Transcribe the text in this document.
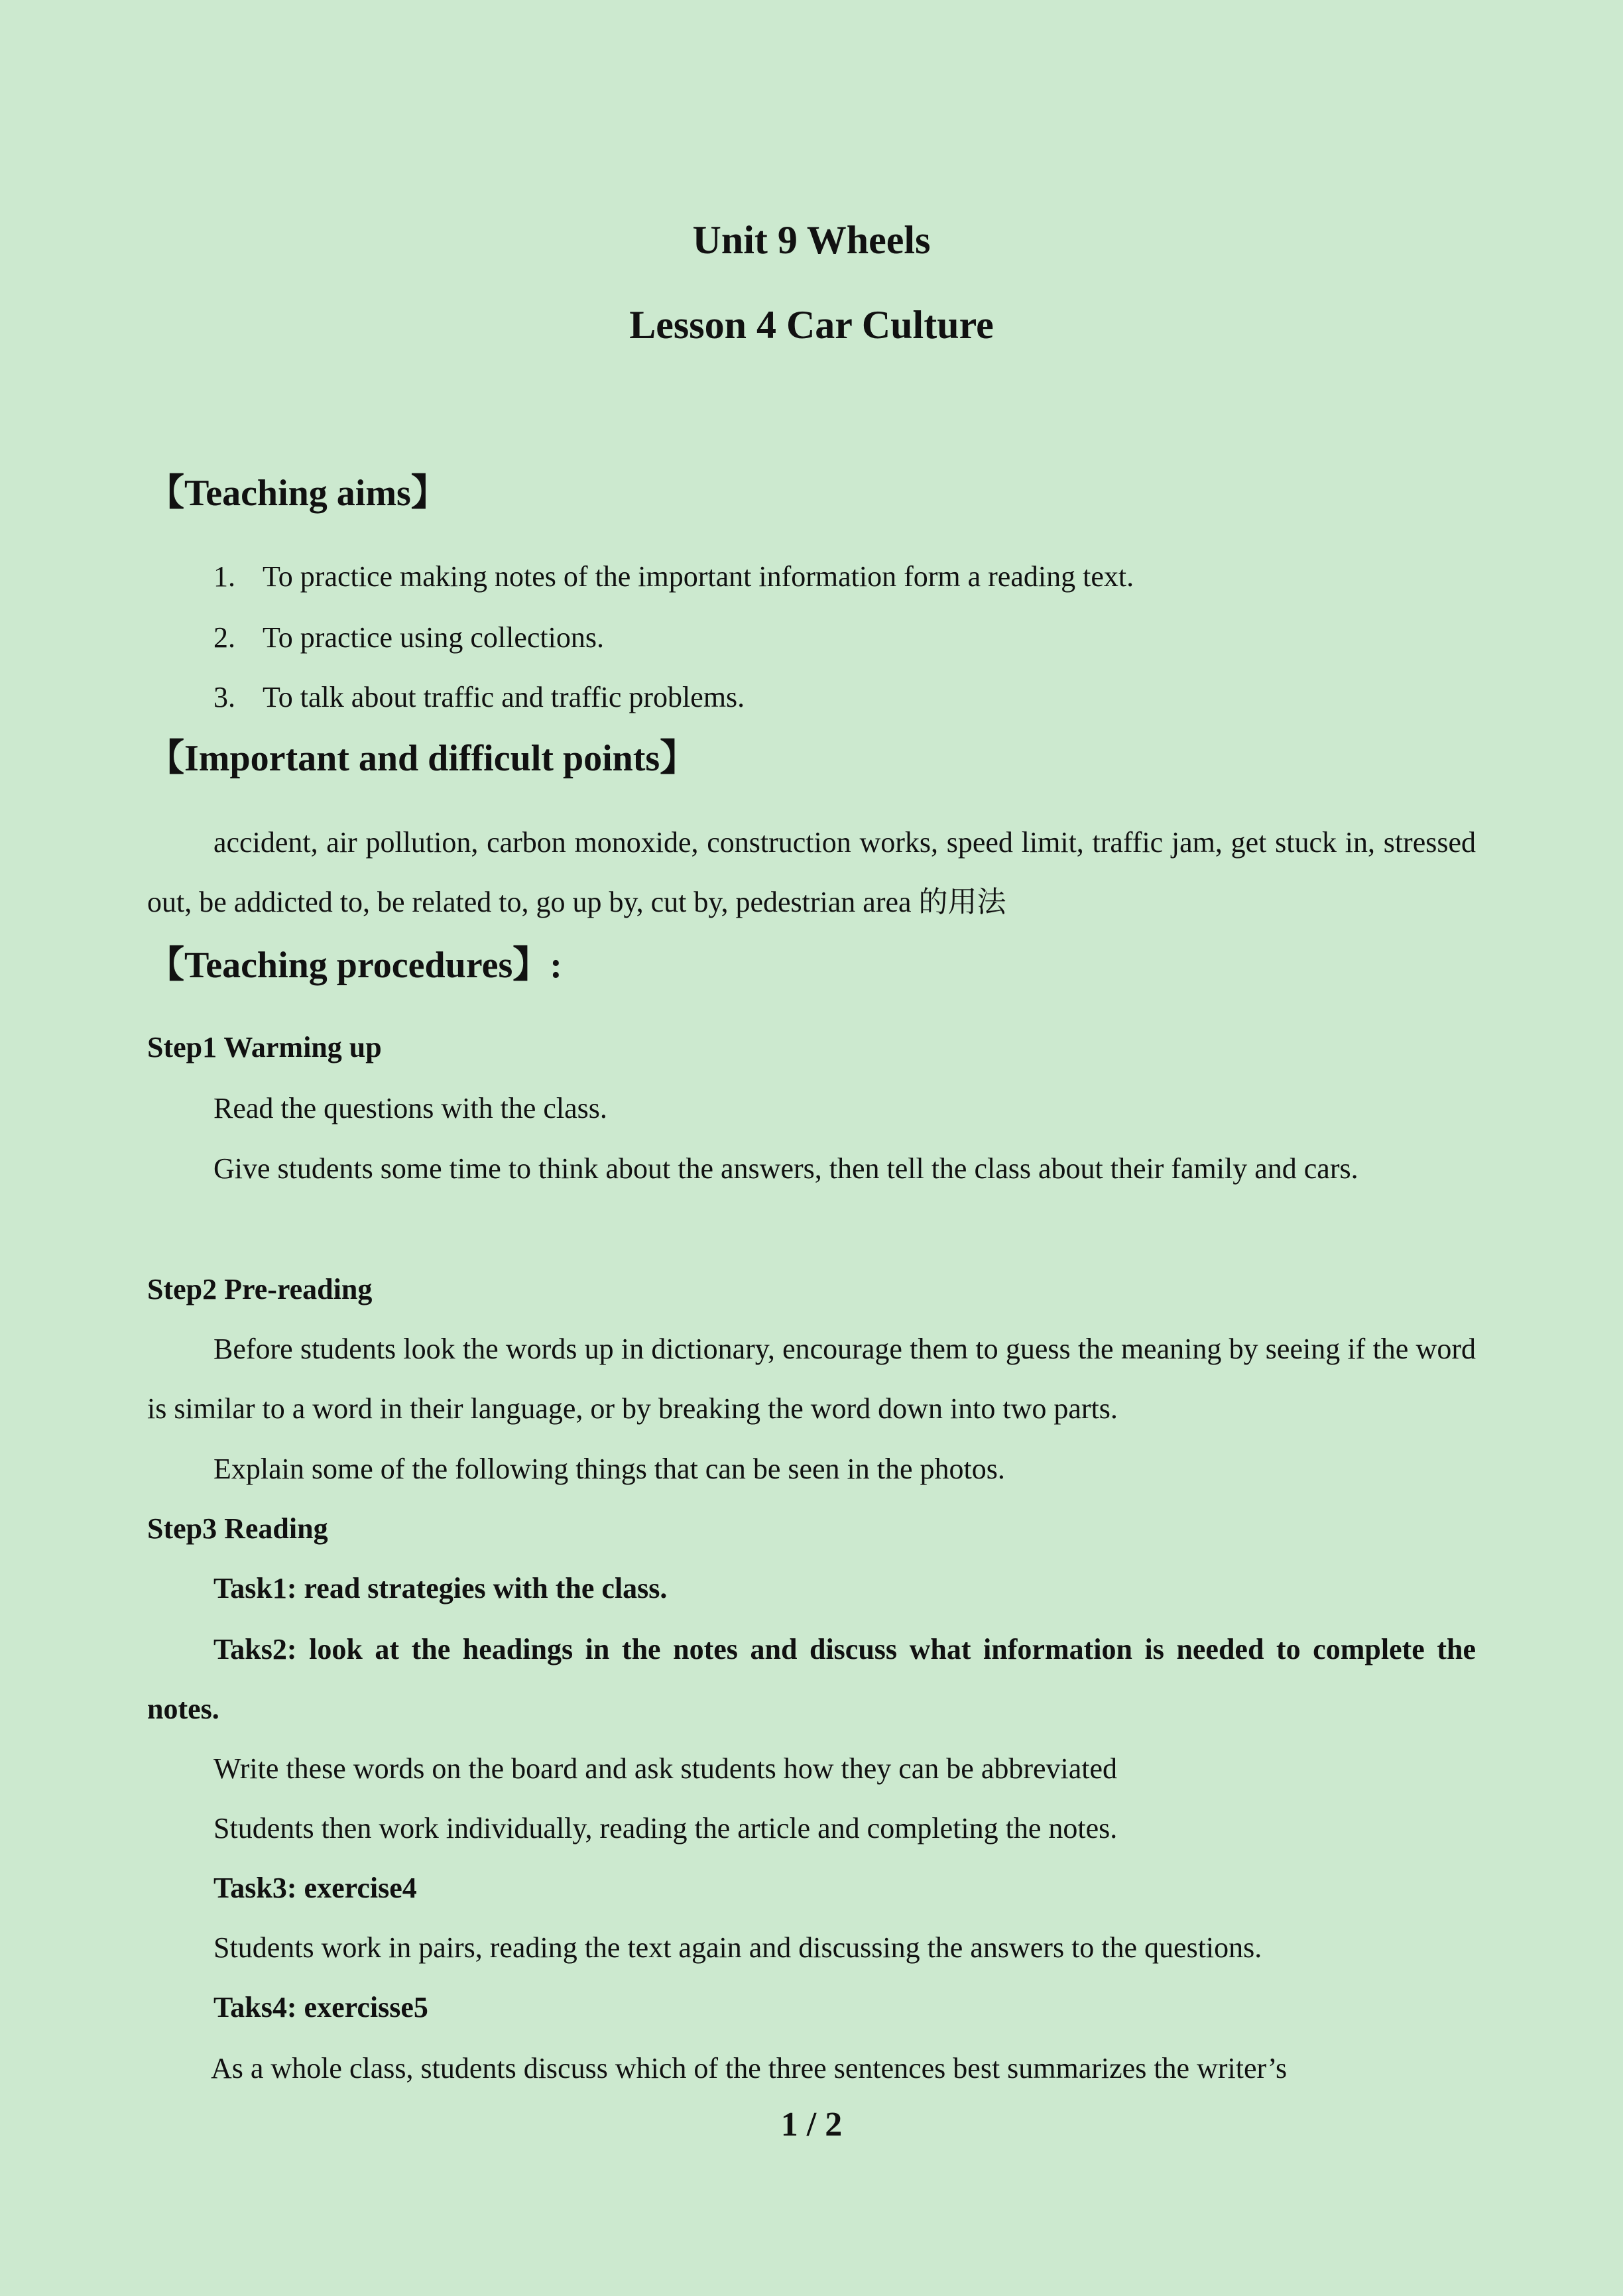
Unit 9 Wheels
Lesson 4 Car Culture
【Teaching aims】
1. To practice making notes of the important information form a reading text.
2. To practice using collections.
3. To talk about traffic and traffic problems.
【Important and difficult points】
accident, air pollution, carbon monoxide, construction works, speed limit, traffic jam, get stuck in, stressed out, be addicted to, be related to, go up by, cut by, pedestrian area 的用法
【Teaching procedures】:
Step1 Warming up
Read the questions with the class.
Give students some time to think about the answers, then tell the class about their family and cars.
Step2 Pre-reading
Before students look the words up in dictionary, encourage them to guess the meaning by seeing if the word is similar to a word in their language, or by breaking the word down into two parts.
Explain some of the following things that can be seen in the photos.
Step3 Reading
Task1: read strategies with the class.
Taks2: look at the headings in the notes and discuss what information is needed to complete the notes.
Write these words on the board and ask students how they can be abbreviated
Students then work individually, reading the article and completing the notes.
Task3: exercise4
Students work in pairs, reading the text again and discussing the answers to the questions.
Taks4: exercisse5
As a whole class, students discuss which of the three sentences best summarizes the writer’s
1 / 2
